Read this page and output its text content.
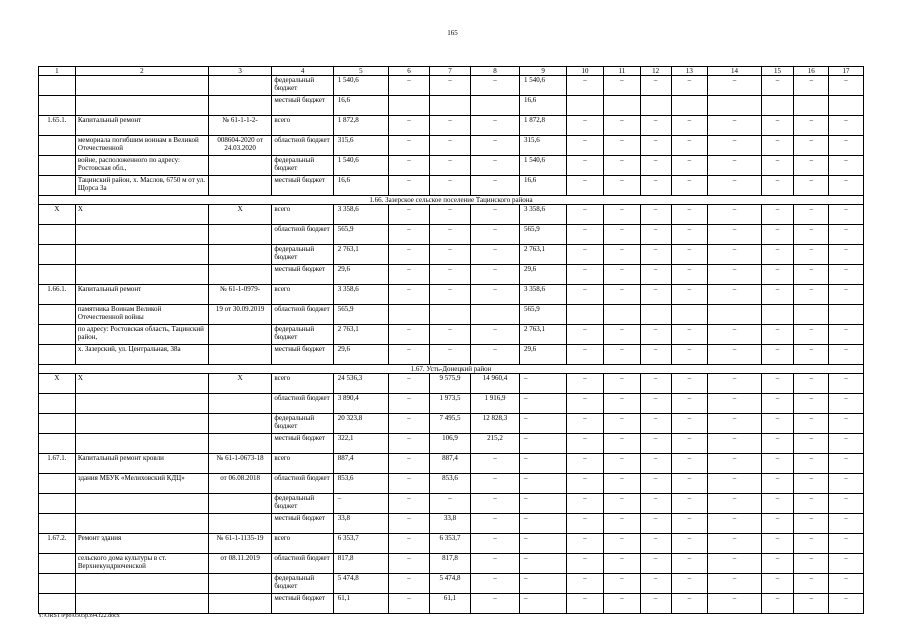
165
1	2	3	4	5	6	7	8	9	10	11	12	13	14	15	16	17
			федеральный бюджет	1 540,6	–	–	–	1 540,6	–	–	–	–	–	–	–	–
			местный бюджет	16,6				16,6								
1.65.1.	Капитальный ремонт	№ 61-1-1-2-	всего	1 872,8	–	–	–	1 872,8	–	–	–	–	–	–	–	–
	мемориала погибшим воинам в Великой Отечественной	008604-2020 от 24.03.2020	областной бюджет	315,6	–	–	–	315,6	–	–	–	–	–	–	–	–
	войне, расположенного по адресу: Ростовская обл.,		федеральный бюджет	1 540,6	–	–	–	1 540,6	–	–	–	–	–	–	–	–
	Тацинский район, х. Маслов, 6750 м от ул. Щорса 3а		местный бюджет	16,6	–	–	–	16,6	–	–	–	–	–	–	–	–
1.66. Зазерское сельское поселение Тацинского района																
Х	Х	Х	всего	3 358,6	–	–	–	3 358,6	–	–	–	–	–	–	–	–
			областной бюджет	565,9	–	–	–	565,9	–	–	–	–	–	–	–	–
			федеральный бюджет	2 763,1	–	–	–	2 763,1	–	–	–	–	–	–	–	–
			местный бюджет	29,6	–	–	–	29,6	–	–	–	–	–	–	–	–
1.66.1.	Капитальный ремонт	№ 61-1-0979-	всего	3 358,6	–	–	–	3 358,6	–	–	–	–	–	–	–	–
	памятника Воинам Великой Отечественной войны	19 от 30.09.2019	областной бюджет	565,9				565,9								
	по адресу: Ростовская область, Тацинский район,		федеральный бюджет	2 763,1	–	–	–	2 763,1	–	–	–	–	–	–	–	–
	х. Зазерский, ул. Центральная, 38а		местный бюджет	29,6	–	–	–	29,6	–	–	–	–	–	–	–	–
1.67. Усть-Донецкий район																
Х	Х	Х	всего	24 536,3	–	9 575,9	14 960,4	–	–	–	–	–	–	–	–	–
			областной бюджет	3 890,4	–	1 973,5	1 916,9	–	–	–	–	–	–	–	–	–
			федеральный бюджет	20 323,8	–	7 495,5	12 828,3	–	–	–	–	–	–	–	–	–
			местный бюджет	322,1	–	106,9	215,2	–	–	–	–	–	–	–	–	–
1.67.1.	Капитальный ремонт кровли	№ 61-1-0673-18	всего	887,4	–	887,4	–	–	–	–	–	–	–	–	–	–
	здания МБУК «Мелиховский КДЦ»	от 06.08.2018	областной бюджет	853,6	–	853,6	–	–	–	–	–	–	–	–	–	–
			федеральный бюджет	–	–	–	–	–	–	–	–	–	–	–	–	–
			местный бюджет	33,8	–	33,8	–	–	–	–	–	–	–	–	–	–
1.67.2.	Ремонт здания	№ 61-1-1135-19	всего	6 353,7	–	6 353,7	–	–	–	–	–	–	–	–	–	–
	сельского дома культуры в ст. Верхнекундрюченской	от 08.11.2019	областной бюджет	817,8	–	817,8	–	–	–	–	–	–	–	–	–	–
			федеральный бюджет	5 474,8	–	5 474,8	–	–	–	–	–	–	–	–	–	–
			местный бюджет	61,1	–	61,1	–	–	–	–	–	–	–	–	–	–
Y:\ORST\Ppo\0505p394.f22.docx
